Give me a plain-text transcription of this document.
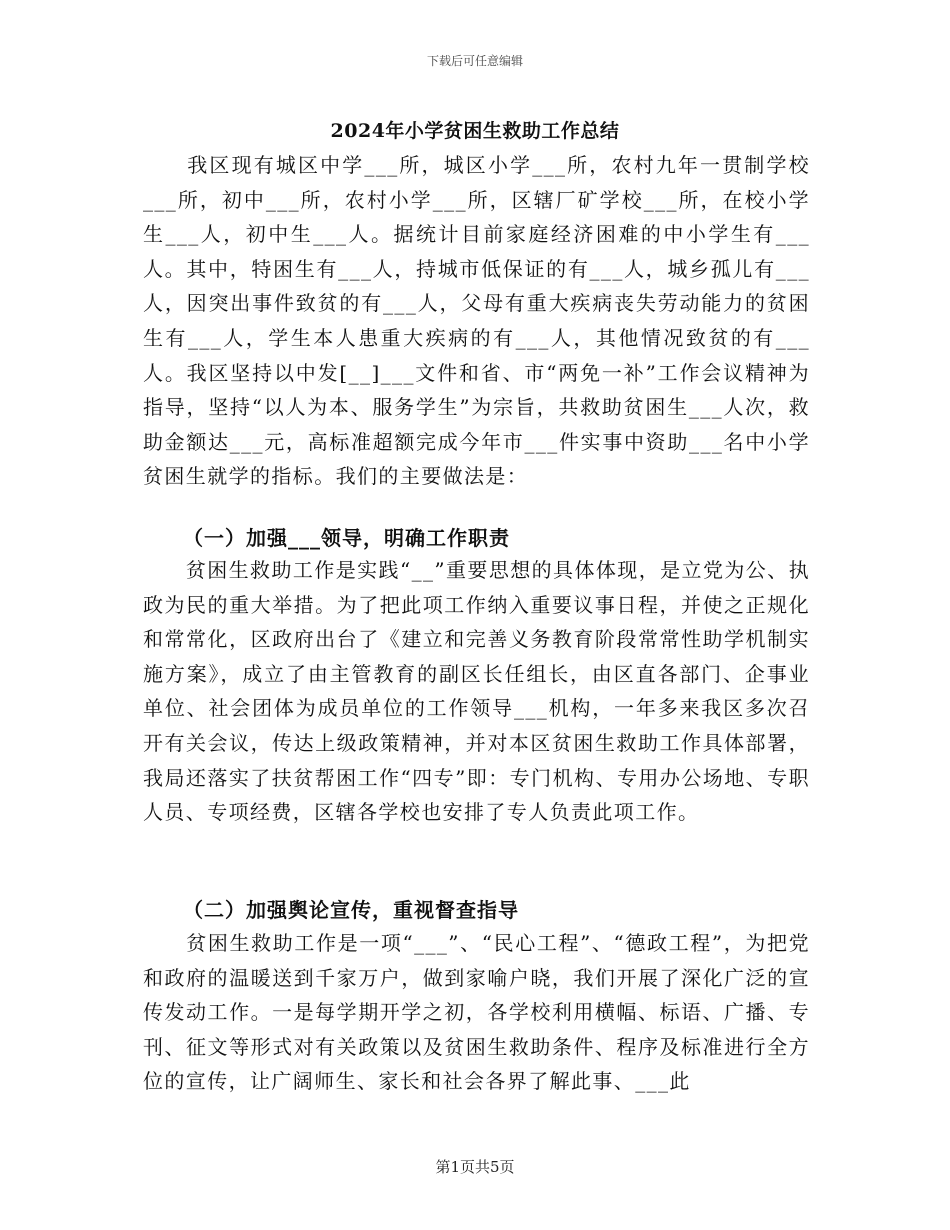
下载后可任意编辑
2024年小学贫困生救助工作总结

　　我区现有城区中学___所，城区小学___所，农村九年一贯制学校___所，初中___所，农村小学___所，区辖厂矿学校___所，在校小学生___人，初中生___人。据统计目前家庭经济困难的中小学生有___人。其中，特困生有___人，持城市低保证的有___人，城乡孤儿有___人，因突出事件致贫的有___人，父母有重大疾病丧失劳动能力的贫困生有___人，学生本人患重大疾病的有___人，其他情况致贫的有___人。我区坚持以中发[__]___文件和省、市“两免一补”工作会议精神为指导，坚持“以人为本、服务学生”为宗旨，共救助贫困生___人次，救助金额达___元，高标准超额完成今年市___件实事中资助___名中小学贫困生就学的指标。我们的主要做法是：

（一）加强___领导，明确工作职责

　　贫困生救助工作是实践“__”重要思想的具体体现，是立党为公、执政为民的重大举措。为了把此项工作纳入重要议事日程，并使之正规化和常常化，区政府出台了《建立和完善义务教育阶段常常性助学机制实施方案》，成立了由主管教育的副区长任组长，由区直各部门、企事业单位、社会团体为成员单位的工作领导___机构，一年多来我区多次召开有关会议，传达上级政策精神，并对本区贫困生救助工作具体部署，我局还落实了扶贫帮困工作“四专”即：专门机构、专用办公场地、专职人员、专项经费，区辖各学校也安排了专人负责此项工作。

（二）加强舆论宣传，重视督查指导

　　贫困生救助工作是一项“___”、“民心工程”、“德政工程”，为把党和政府的温暖送到千家万户，做到家喻户晓，我们开展了深化广泛的宣传发动工作。一是每学期开学之初，各学校利用横幅、标语、广播、专刊、征文等形式对有关政策以及贫困生救助条件、程序及标准进行全方位的宣传，让广阔师生、家长和社会各界了解此事、___此

第1页共5页
